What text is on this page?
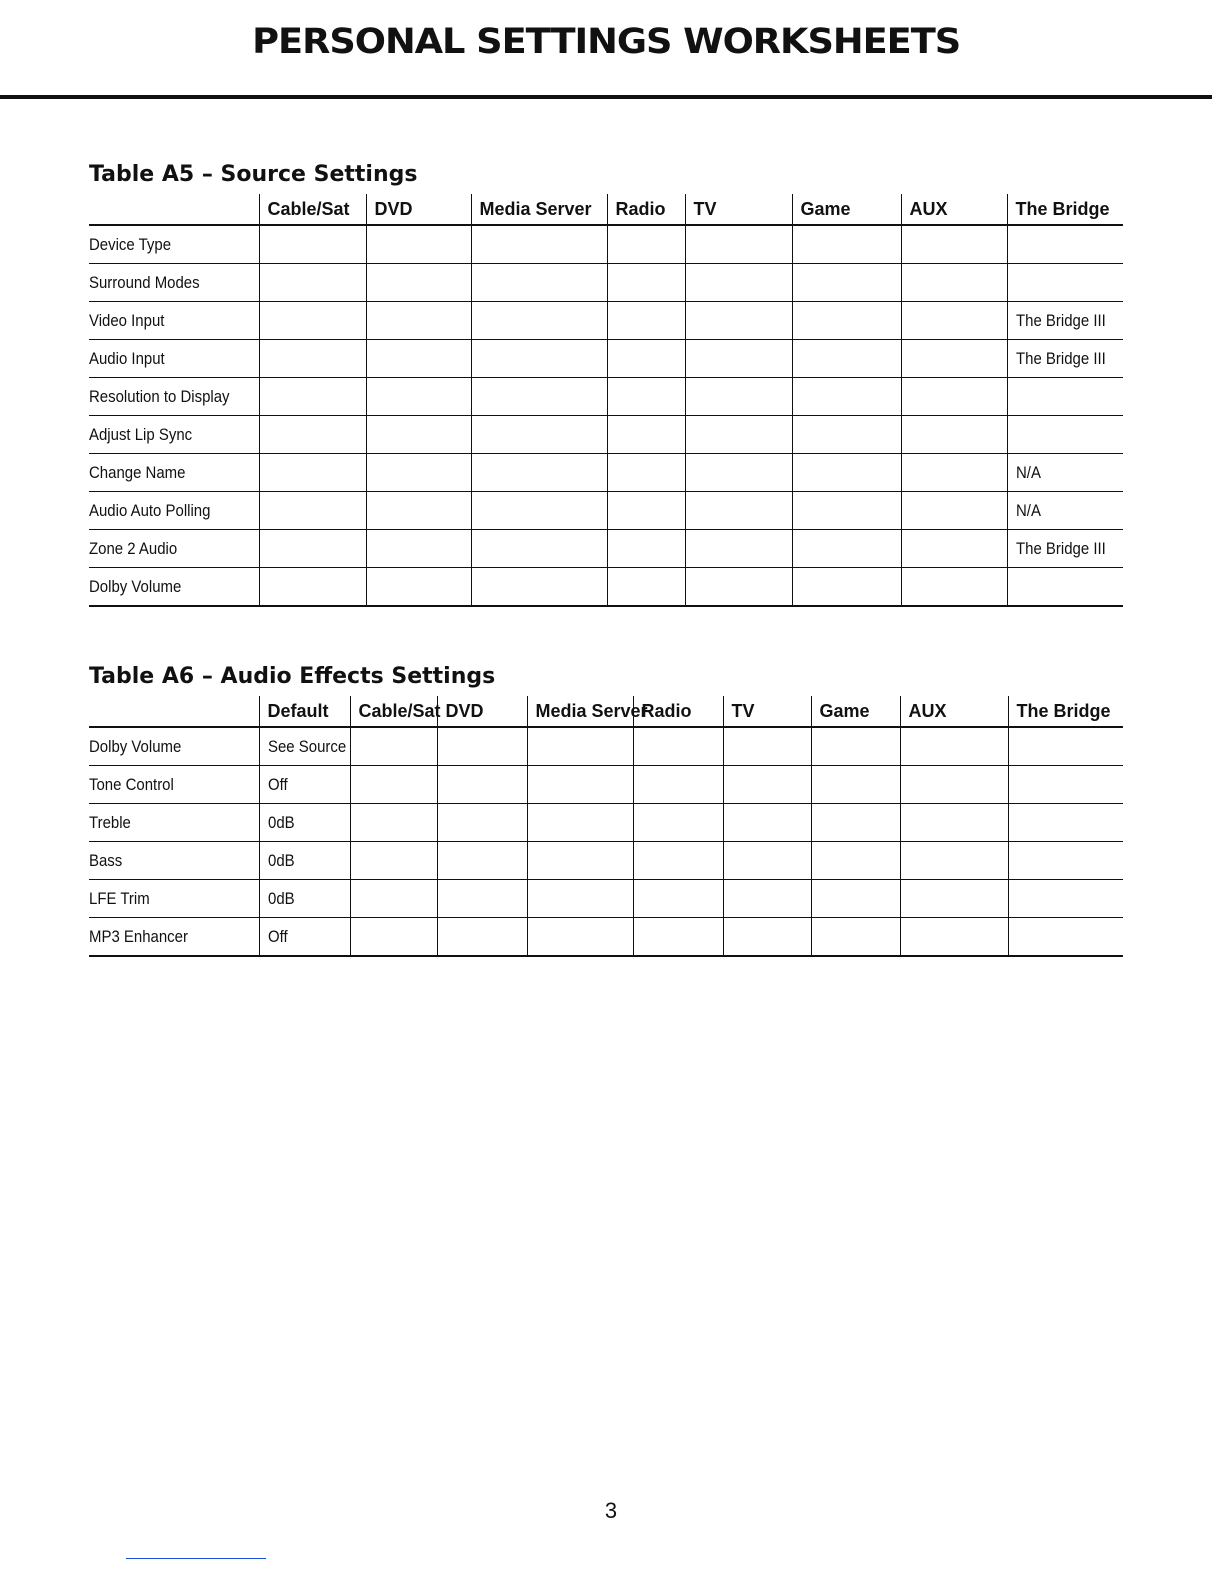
PERSONAL SETTINGS WORKSHEETS
Table A5 – Source Settings
	Cable/Sat	DVD	Media Server	Radio	TV	Game	AUX	The Bridge
Device Type								
Surround Modes								
Video Input								The Bridge III
Audio Input								The Bridge III
Resolution to Display								
Adjust Lip Sync								
Change Name								N/A
Audio Auto Polling								N/A
Zone 2 Audio								The Bridge III
Dolby Volume								
Table A6 – Audio Effects Settings
	Default	Cable/Sat	DVD	Media Server	Radio	TV	Game	AUX	The Bridge
Dolby Volume	See Source								
Tone Control	Off								
Treble	0dB								
Bass	0dB								
LFE Trim	0dB								
MP3 Enhancer	Off								
3
